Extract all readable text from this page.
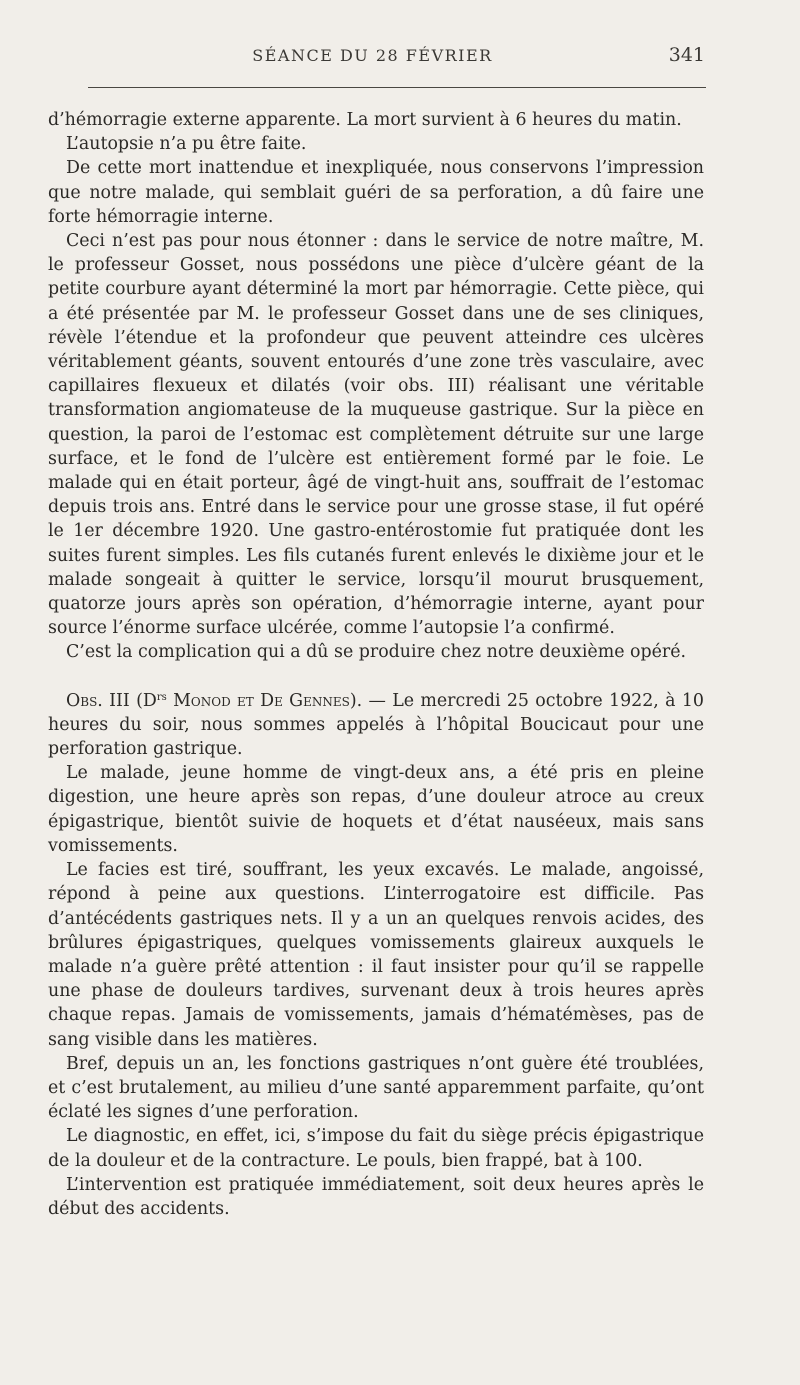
SÉANCE DU 28 FÉVRIER	341

d’hémorragie externe apparente. La mort survient à 6 heures du matin.

L’autopsie n’a pu être faite.

De cette mort inattendue et inexpliquée, nous conservons l’impression que notre malade, qui semblait guéri de sa perforation, a dû faire une forte hémorragie interne.

Ceci n’est pas pour nous étonner : dans le service de notre maître, M. le professeur Gosset, nous possédons une pièce d’ulcère géant de la petite courbure ayant déterminé la mort par hémorragie. Cette pièce, qui a été présentée par M. le professeur Gosset dans une de ses cliniques, révèle l’étendue et la profondeur que peuvent atteindre ces ulcères véritablement géants, souvent entourés d’une zone très vasculaire, avec capillaires flexueux et dilatés (voir obs. III) réalisant une véritable transformation angiomateuse de la muqueuse gastrique. Sur la pièce en question, la paroi de l’estomac est complètement détruite sur une large surface, et le fond de l’ulcère est entièrement formé par le foie. Le malade qui en était porteur, âgé de vingt-huit ans, souffrait de l’estomac depuis trois ans. Entré dans le service pour une grosse stase, il fut opéré le 1er décembre 1920. Une gastro-entérostomie fut pratiquée dont les suites furent simples. Les fils cutanés furent enlevés le dixième jour et le malade songeait à quitter le service, lorsqu’il mourut brusquement, quatorze jours après son opération, d’hémorragie interne, ayant pour source l’énorme surface ulcérée, comme l’autopsie l’a confirmé.

C’est la complication qui a dû se produire chez notre deuxième opéré.

Obs. III ($D^{rs}$ Monod et De Gennes). — Le mercredi 25 octobre 1922, à 10 heures du soir, nous sommes appelés à l’hôpital Boucicaut pour une perforation gastrique.

Le malade, jeune homme de vingt-deux ans, a été pris en pleine digestion, une heure après son repas, d’une douleur atroce au creux épigastrique, bientôt suivie de hoquets et d’état nauséeux, mais sans vomissements.

Le facies est tiré, souffrant, les yeux excavés. Le malade, angoissé, répond à peine aux questions. L’interrogatoire est difficile. Pas d’antécédents gastriques nets. Il y a un an quelques renvois acides, des brûlures épigastriques, quelques vomissements glaireux auxquels le malade n’a guère prêté attention : il faut insister pour qu’il se rappelle une phase de douleurs tardives, survenant deux à trois heures après chaque repas. Jamais de vomissements, jamais d’hématémèses, pas de sang visible dans les matières.

Bref, depuis un an, les fonctions gastriques n’ont guère été troublées, et c’est brutalement, au milieu d’une santé apparemment parfaite, qu’ont éclaté les signes d’une perforation.

Le diagnostic, en effet, ici, s’impose du fait du siège précis épigastrique de la douleur et de la contracture. Le pouls, bien frappé, bat à 100.

L’intervention est pratiquée immédiatement, soit deux heures après le début des accidents.
